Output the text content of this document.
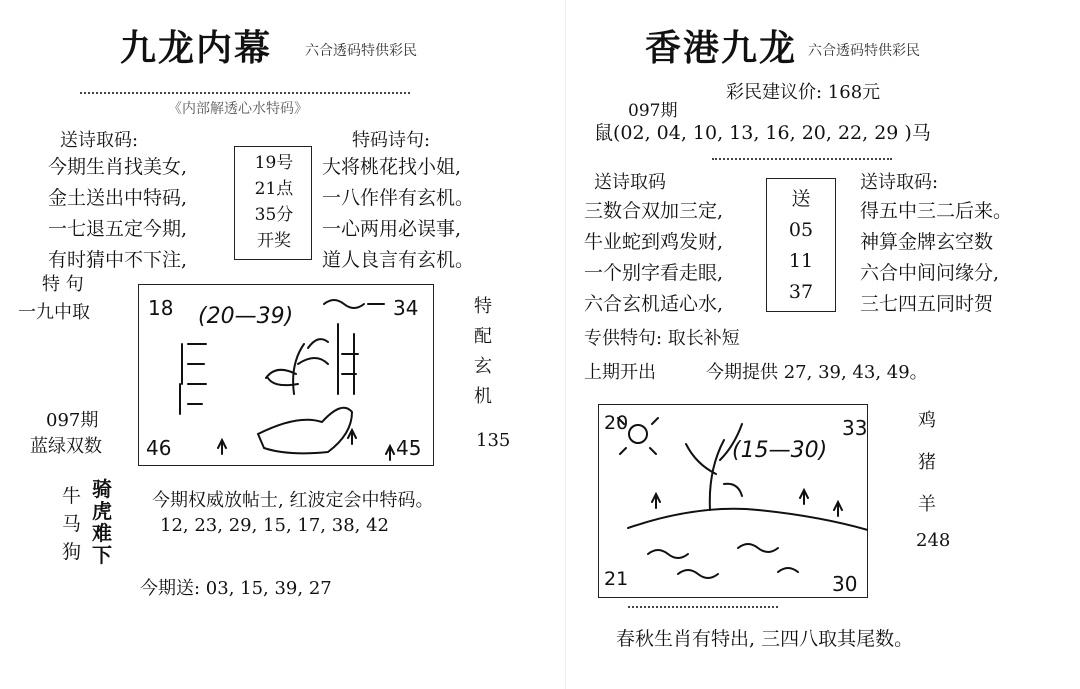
九龙内幕 六合透码特供彩民
《内部解透心水特码》
送诗取码:	特码诗句:
今期生肖找美女,
金土送出中特码,
一七退五定今期,
有时猜中不下注,
19号
21点
35分
开奖
大将桃花找小姐,
一八作伴有玄机。
一心两用必误事,
道人良言有玄机。
特 句
一九中取
097期
蓝绿双数
18	34
46	45
(20—39)	特
配
玄
机
135
牛
马
狗
骑
虎
难
下
今期权威放帖士, 红波定会中特码。
12, 23, 29, 15, 17, 38, 42
今期送: 03, 15, 39, 27
香港九龙 六合透码特供彩民
彩民建议价: 168元
097期
鼠(02, 04, 10, 13, 16, 20, 22, 29 )马
送诗取码	送诗取码:
三数合双加三定,
牛业蛇到鸡发财,
一个别字看走眼,
六合玄机适心水,
送
05
11
37
得五中三二后来。
神算金牌玄空数
六合中间问缘分,
三七四五同时贺
专供特句: 取长补短
上期开出	今期提供 27, 39, 43, 49。
20	33
21	30
(15—30)
鸡
猪
羊
248
春秋生肖有特出, 三四八取其尾数。
